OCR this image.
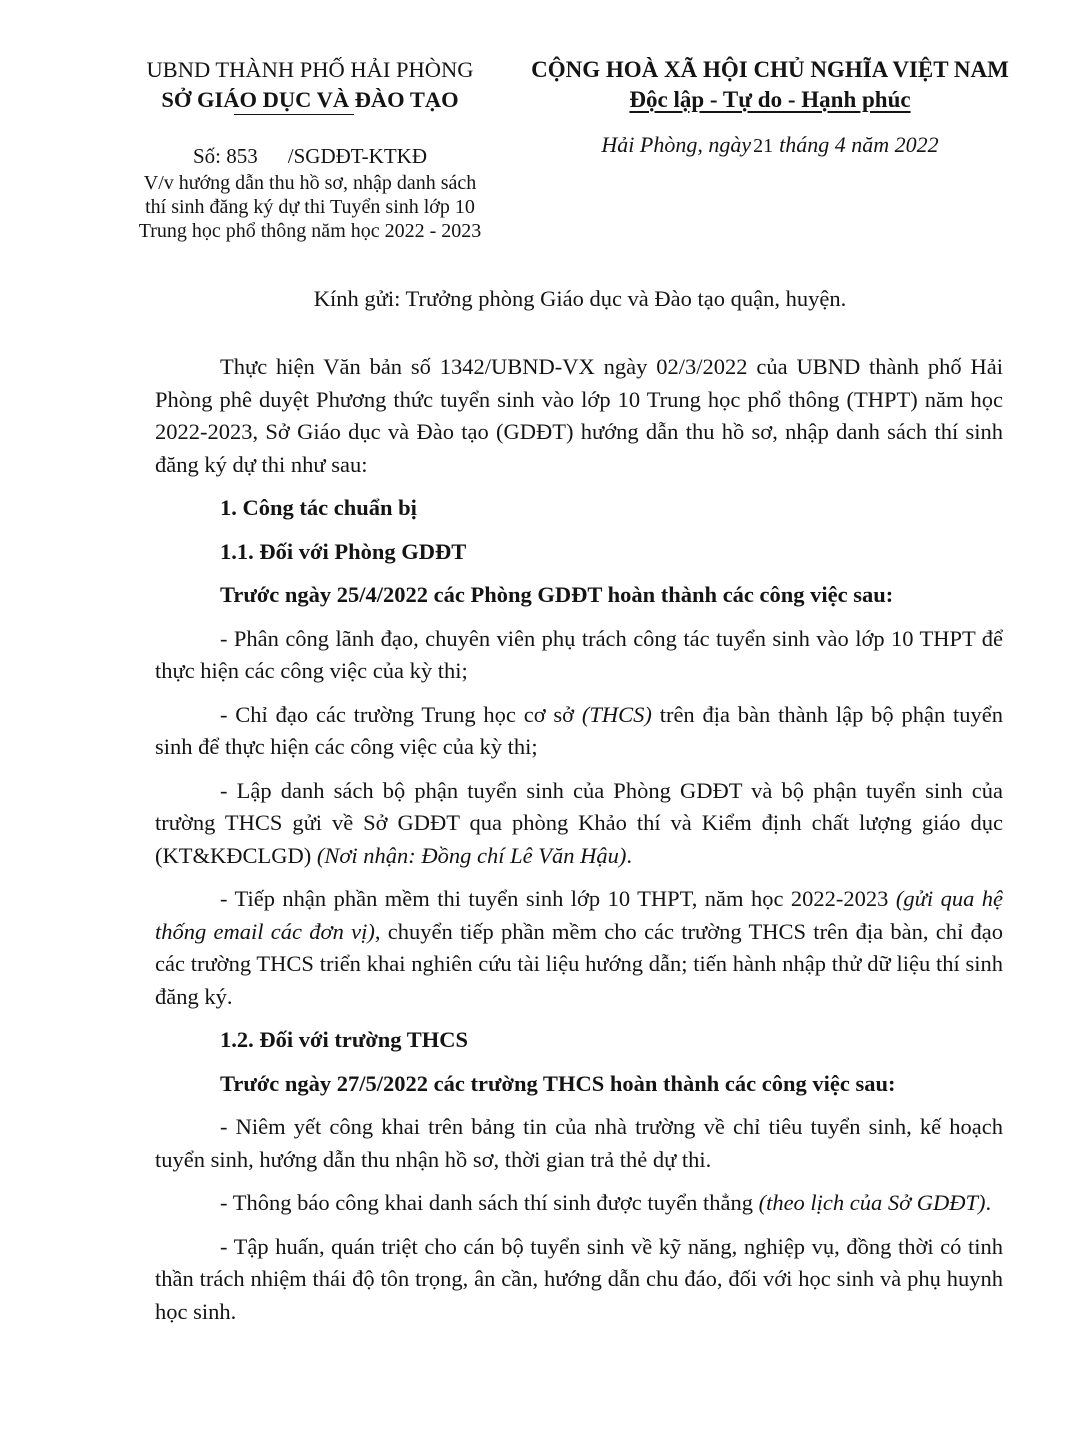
UBND THÀNH PHỐ HẢI PHÒNG
SỞ GIÁO DỤC VÀ ĐÀO TẠO
Số: 853 /SGDĐT-KTKĐ
V/v hướng dẫn thu hồ sơ, nhập danh sách
thí sinh đăng ký dự thi Tuyển sinh lớp 10
Trung học phổ thông năm học 2022 - 2023
CỘNG HOÀ XÃ HỘI CHỦ NGHĨA VIỆT NAM
Độc lập - Tự do - Hạnh phúc
Hải Phòng, ngày 21 tháng 4 năm 2022
Kính gửi: Trưởng phòng Giáo dục và Đào tạo quận, huyện.

Thực hiện Văn bản số 1342/UBND-VX ngày 02/3/2022 của UBND thành phố Hải Phòng phê duyệt Phương thức tuyển sinh vào lớp 10 Trung học phổ thông (THPT) năm học 2022-2023, Sở Giáo dục và Đào tạo (GDĐT) hướng dẫn thu hồ sơ, nhập danh sách thí sinh đăng ký dự thi như sau:

1. Công tác chuẩn bị

1.1. Đối với Phòng GDĐT

Trước ngày 25/4/2022 các Phòng GDĐT hoàn thành các công việc sau:

- Phân công lãnh đạo, chuyên viên phụ trách công tác tuyển sinh vào lớp 10 THPT để thực hiện các công việc của kỳ thi;

- Chỉ đạo các trường Trung học cơ sở (THCS) trên địa bàn thành lập bộ phận tuyển sinh để thực hiện các công việc của kỳ thi;

- Lập danh sách bộ phận tuyển sinh của Phòng GDĐT và bộ phận tuyển sinh của trường THCS gửi về Sở GDĐT qua phòng Khảo thí và Kiểm định chất lượng giáo dục (KT&KĐCLGD) (Nơi nhận: Đồng chí Lê Văn Hậu).

- Tiếp nhận phần mềm thi tuyển sinh lớp 10 THPT, năm học 2022-2023 (gửi qua hệ thống email các đơn vị), chuyển tiếp phần mềm cho các trường THCS trên địa bàn, chỉ đạo các trường THCS triển khai nghiên cứu tài liệu hướng dẫn; tiến hành nhập thử dữ liệu thí sinh đăng ký.

1.2. Đối với trường THCS

Trước ngày 27/5/2022 các trường THCS hoàn thành các công việc sau:

- Niêm yết công khai trên bảng tin của nhà trường về chỉ tiêu tuyển sinh, kế hoạch tuyển sinh, hướng dẫn thu nhận hồ sơ, thời gian trả thẻ dự thi.

- Thông báo công khai danh sách thí sinh được tuyển thẳng (theo lịch của Sở GDĐT).

- Tập huấn, quán triệt cho cán bộ tuyển sinh về kỹ năng, nghiệp vụ, đồng thời có tinh thần trách nhiệm thái độ tôn trọng, ân cần, hướng dẫn chu đáo, đối với học sinh và phụ huynh học sinh.
